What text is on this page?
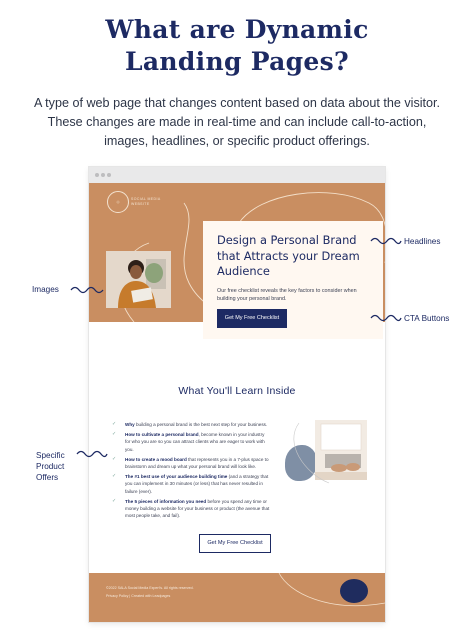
What are Dynamic
Landing Pages?
A type of web page that changes content based on data about the visitor. These changes are made in real-time and can include call-to-action, images, headlines, or specific product offerings.
◎
SOCIAL MEDIA WEBSITE
Design a Personal Brand that Attracts your Dream Audience
Our free checklist reveals the key factors to consider when building your personal brand.
Get My Free Checklist
What You'll Learn Inside
✓ Why building a personal brand is the best next step for your business.
✓ How to cultivate a personal brand, become known in your industry for who you are so you can attract clients who are eager to work with you.
✓ How to create a mood board that represents you in a 7-plus space to brainstorm and dream up what your personal brand will look like.
✓ The #1 best use of your audience building time (and a strategy that you can implement in 30 minutes (or less) that has never resulted in failure (ever).
✓ The 5 pieces of information you need before you spend any time or money building a website for your business or product (the avenue that most people take, and fail).
Get My Free Checklist
©2022 SALA Social Media Expert's. All rights reserved.
Privacy Policy | Created with Leadpages
Headlines
Images
CTA Buttons
Specific
Product
Offers
